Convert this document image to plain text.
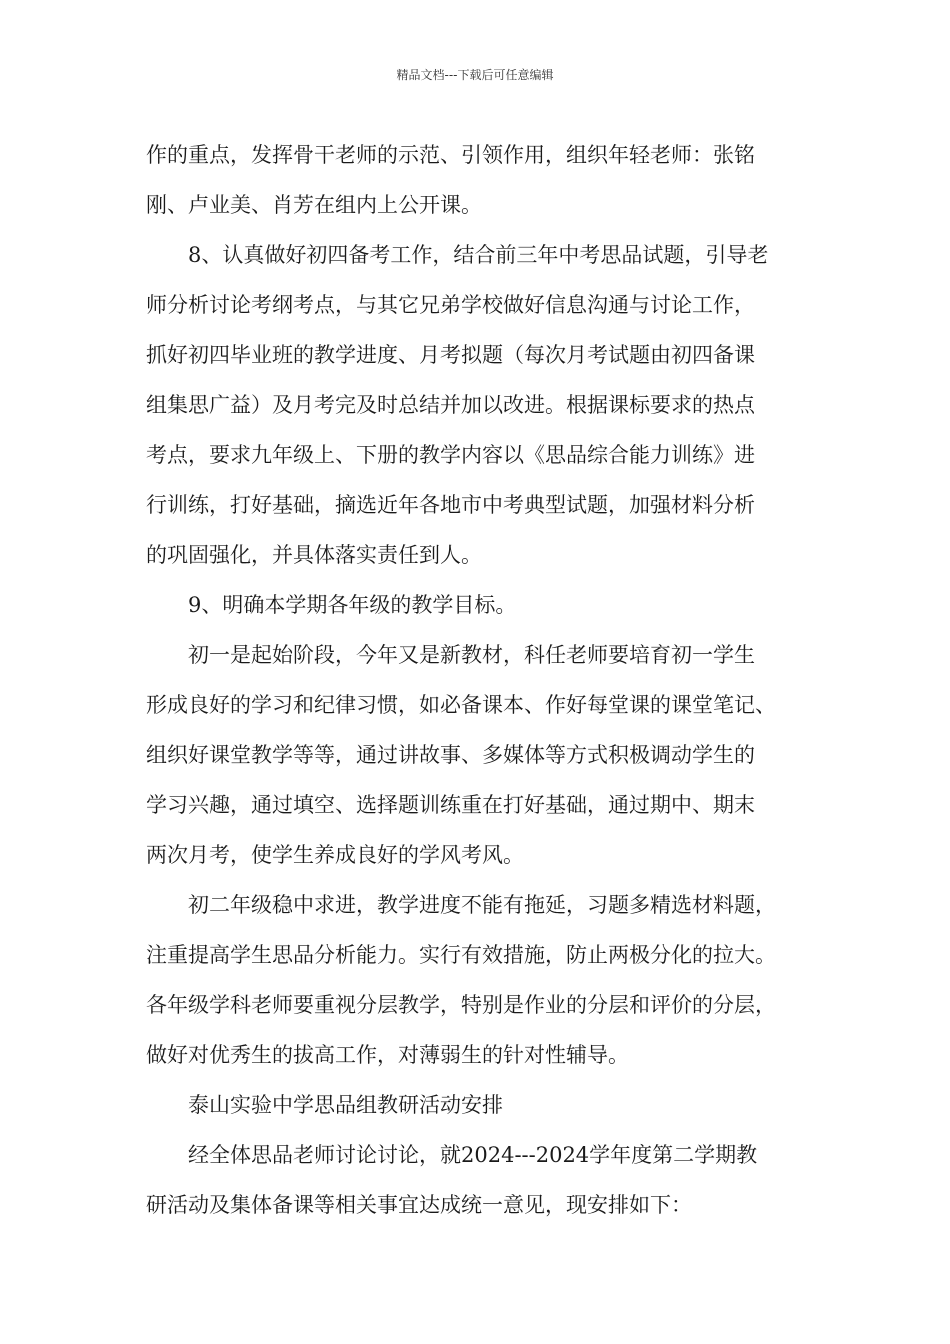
精品文档---下载后可任意编辑
作的重点，发挥骨干老师的示范、引领作用，组织年轻老师：张铭
刚、卢业美、肖芳在组内上公开课。
8、认真做好初四备考工作，结合前三年中考思品试题，引导老
师分析讨论考纲考点，与其它兄弟学校做好信息沟通与讨论工作，
抓好初四毕业班的教学进度、月考拟题（每次月考试题由初四备课
组集思广益）及月考完及时总结并加以改进。根据课标要求的热点
考点，要求九年级上、下册的教学内容以《思品综合能力训练》进
行训练，打好基础，摘选近年各地市中考典型试题，加强材料分析
的巩固强化，并具体落实责任到人。
9、明确本学期各年级的教学目标。
初一是起始阶段，今年又是新教材，科任老师要培育初一学生
形成良好的学习和纪律习惯，如必备课本、作好每堂课的课堂笔记、
组织好课堂教学等等，通过讲故事、多媒体等方式积极调动学生的
学习兴趣，通过填空、选择题训练重在打好基础，通过期中、期末
两次月考，使学生养成良好的学风考风。
初二年级稳中求进，教学进度不能有拖延，习题多精选材料题，
注重提高学生思品分析能力。实行有效措施，防止两极分化的拉大。
各年级学科老师要重视分层教学，特别是作业的分层和评价的分层，
做好对优秀生的拔高工作，对薄弱生的针对性辅导。
泰山实验中学思品组教研活动安排
经全体思品老师讨论讨论，就2024---2024学年度第二学期教
研活动及集体备课等相关事宜达成统一意见，现安排如下：
